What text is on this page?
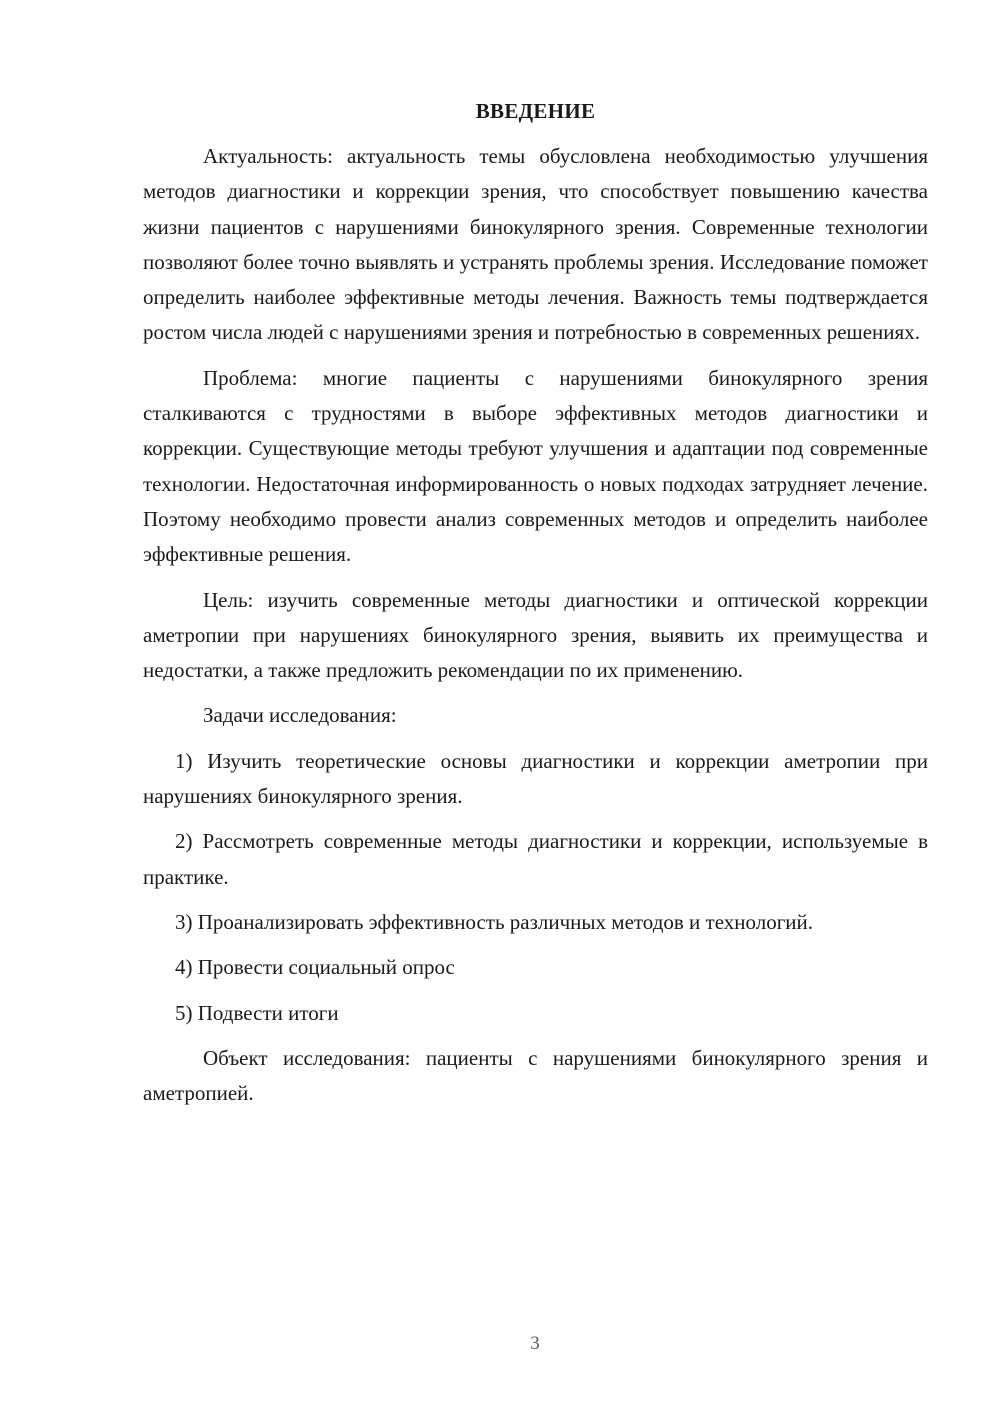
ВВЕДЕНИЕ

Актуальность: актуальность темы обусловлена необходимостью улучшения методов диагностики и коррекции зрения, что способствует повышению качества жизни пациентов с нарушениями бинокулярного зрения. Современные технологии позволяют более точно выявлять и устранять проблемы зрения. Исследование поможет определить наиболее эффективные методы лечения. Важность темы подтверждается ростом числа людей с нарушениями зрения и потребностью в современных решениях.

Проблема: многие пациенты с нарушениями бинокулярного зрения сталкиваются с трудностями в выборе эффективных методов диагностики и коррекции. Существующие методы требуют улучшения и адаптации под современные технологии. Недостаточная информированность о новых подходах затрудняет лечение. Поэтому необходимо провести анализ современных методов и определить наиболее эффективные решения.

Цель: изучить современные методы диагностики и оптической коррекции аметропии при нарушениях бинокулярного зрения, выявить их преимущества и недостатки, а также предложить рекомендации по их применению.

Задачи исследования:

1) Изучить теоретические основы диагностики и коррекции аметропии при нарушениях бинокулярного зрения.

2) Рассмотреть современные методы диагностики и коррекции, используемые в практике.

3) Проанализировать эффективность различных методов и технологий.

4) Провести социальный опрос

5) Подвести итоги

Объект исследования: пациенты с нарушениями бинокулярного зрения и аметропией.

3
